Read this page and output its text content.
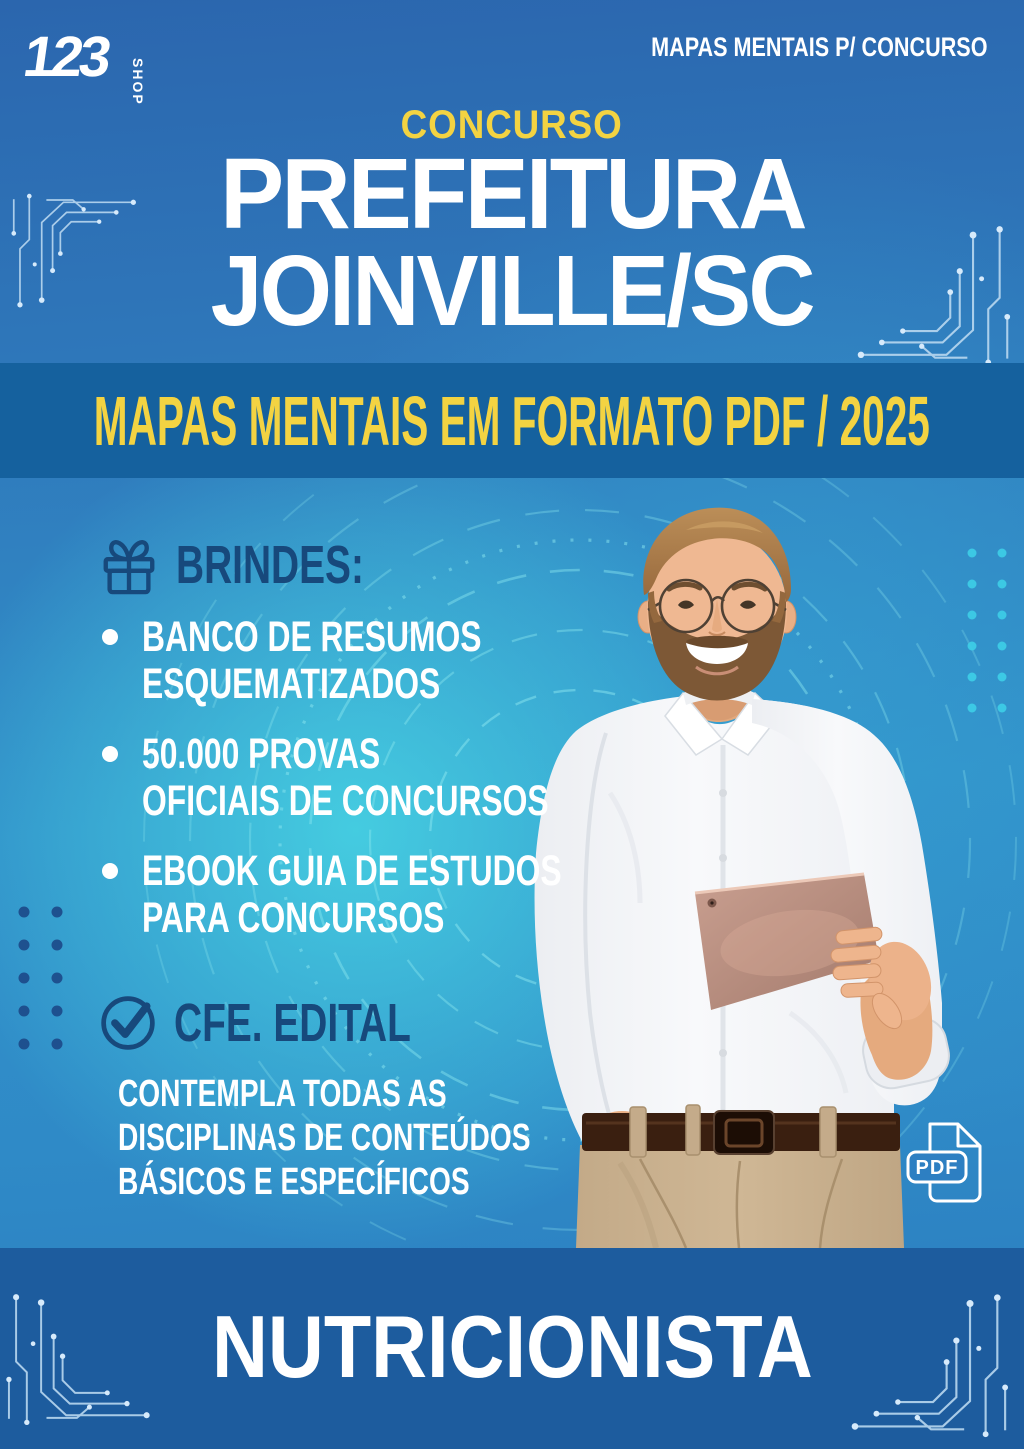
123 SHOP
MAPAS MENTAIS P/ CONCURSO
CONCURSO
PREFEITURA
JOINVILLE/SC
MAPAS MENTAIS EM FORMATO PDF / 2025
BRINDES:
BANCO DE RESUMOS
ESQUEMATIZADOS
50.000 PROVAS
OFICIAIS DE CONCURSOS
EBOOK GUIA DE ESTUDOS
PARA CONCURSOS
CFE. EDITAL
CONTEMPLA TODAS AS DISCIPLINAS DE CONTEÚDOS BÁSICOS E ESPECÍFICOS	PDF
NUTRICIONISTA
